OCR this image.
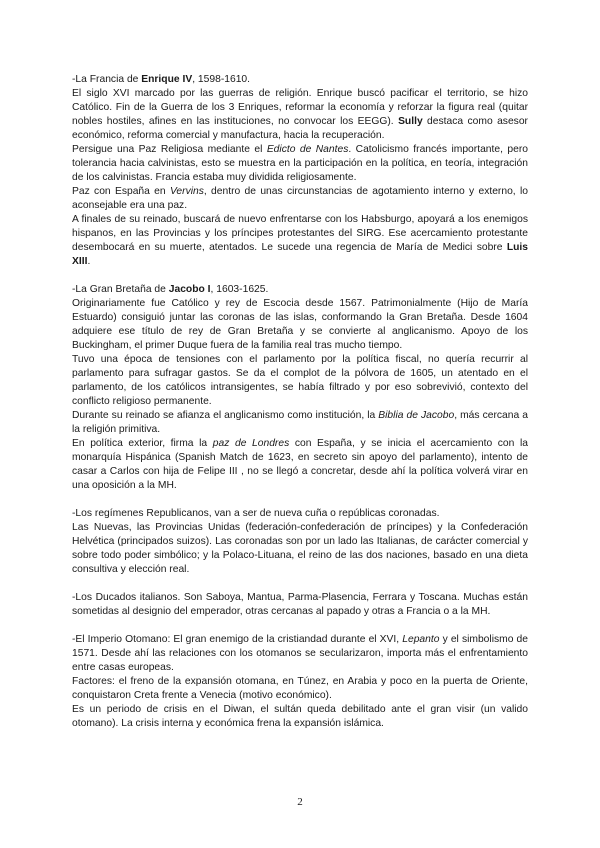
-La Francia de Enrique IV, 1598-1610.

El siglo XVI marcado por las guerras de religión. Enrique buscó pacificar el territorio, se hizo Católico. Fin de la Guerra de los 3 Enriques, reformar la economía y reforzar la figura real (quitar nobles hostiles, afines en las instituciones, no convocar los EEGG). Sully destaca como asesor económico, reforma comercial y manufactura, hacia la recuperación.

Persigue una Paz Religiosa mediante el Edicto de Nantes. Catolicismo francés importante, pero tolerancia hacia calvinistas, esto se muestra en la participación en la política, en teoría, integración de los calvinistas. Francia estaba muy dividida religiosamente.

Paz con España en Vervins, dentro de unas circunstancias de agotamiento interno y externo, lo aconsejable era una paz.

A finales de su reinado, buscará de nuevo enfrentarse con los Habsburgo, apoyará a los enemigos hispanos, en las Provincias y los príncipes protestantes del SIRG. Ese acercamiento protestante desembocará en su muerte, atentados. Le sucede una regencia de María de Medici sobre Luis XIII.

-La Gran Bretaña de Jacobo I, 1603-1625.

Originariamente fue Católico y rey de Escocia desde 1567. Patrimonialmente (Hijo de María Estuardo) consiguió juntar las coronas de las islas, conformando la Gran Bretaña. Desde 1604 adquiere ese título de rey de Gran Bretaña y se convierte al anglicanismo. Apoyo de los Buckingham, el primer Duque fuera de la familia real tras mucho tiempo.

Tuvo una época de tensiones con el parlamento por la política fiscal, no quería recurrir al parlamento para sufragar gastos. Se da el complot de la pólvora de 1605, un atentado en el parlamento, de los católicos intransigentes, se había filtrado y por eso sobrevivió, contexto del conflicto religioso permanente.

Durante su reinado se afianza el anglicanismo como institución, la Biblia de Jacobo, más cercana a la religión primitiva.

En política exterior, firma la paz de Londres con España, y se inicia el acercamiento con la monarquía Hispánica (Spanish Match de 1623, en secreto sin apoyo del parlamento), intento de casar a Carlos con hija de Felipe III , no se llegó a concretar, desde ahí la política volverá virar en una oposición a la MH.

-Los regímenes Republicanos, van a ser de nueva cuña o repúblicas coronadas.

Las Nuevas, las Provincias Unidas (federación-confederación de príncipes) y la Confederación Helvética (principados suizos). Las coronadas son por un lado las Italianas, de carácter comercial y sobre todo poder simbólico; y la Polaco-Lituana, el reino de las dos naciones, basado en una dieta consultiva y elección real.

-Los Ducados italianos. Son Saboya, Mantua, Parma-Plasencia, Ferrara y Toscana. Muchas están sometidas al designio del emperador, otras cercanas al papado y otras a Francia o a la MH.

-El Imperio Otomano: El gran enemigo de la cristiandad durante el XVI, Lepanto y el simbolismo de 1571. Desde ahí las relaciones con los otomanos se secularizaron, importa más el enfrentamiento entre casas europeas.

Factores: el freno de la expansión otomana, en Túnez, en Arabia y poco en la puerta de Oriente, conquistaron Creta frente a Venecia (motivo económico).

Es un periodo de crisis en el Diwan, el sultán queda debilitado ante el gran visir (un valido otomano). La crisis interna y económica frena la expansión islámica.

2
